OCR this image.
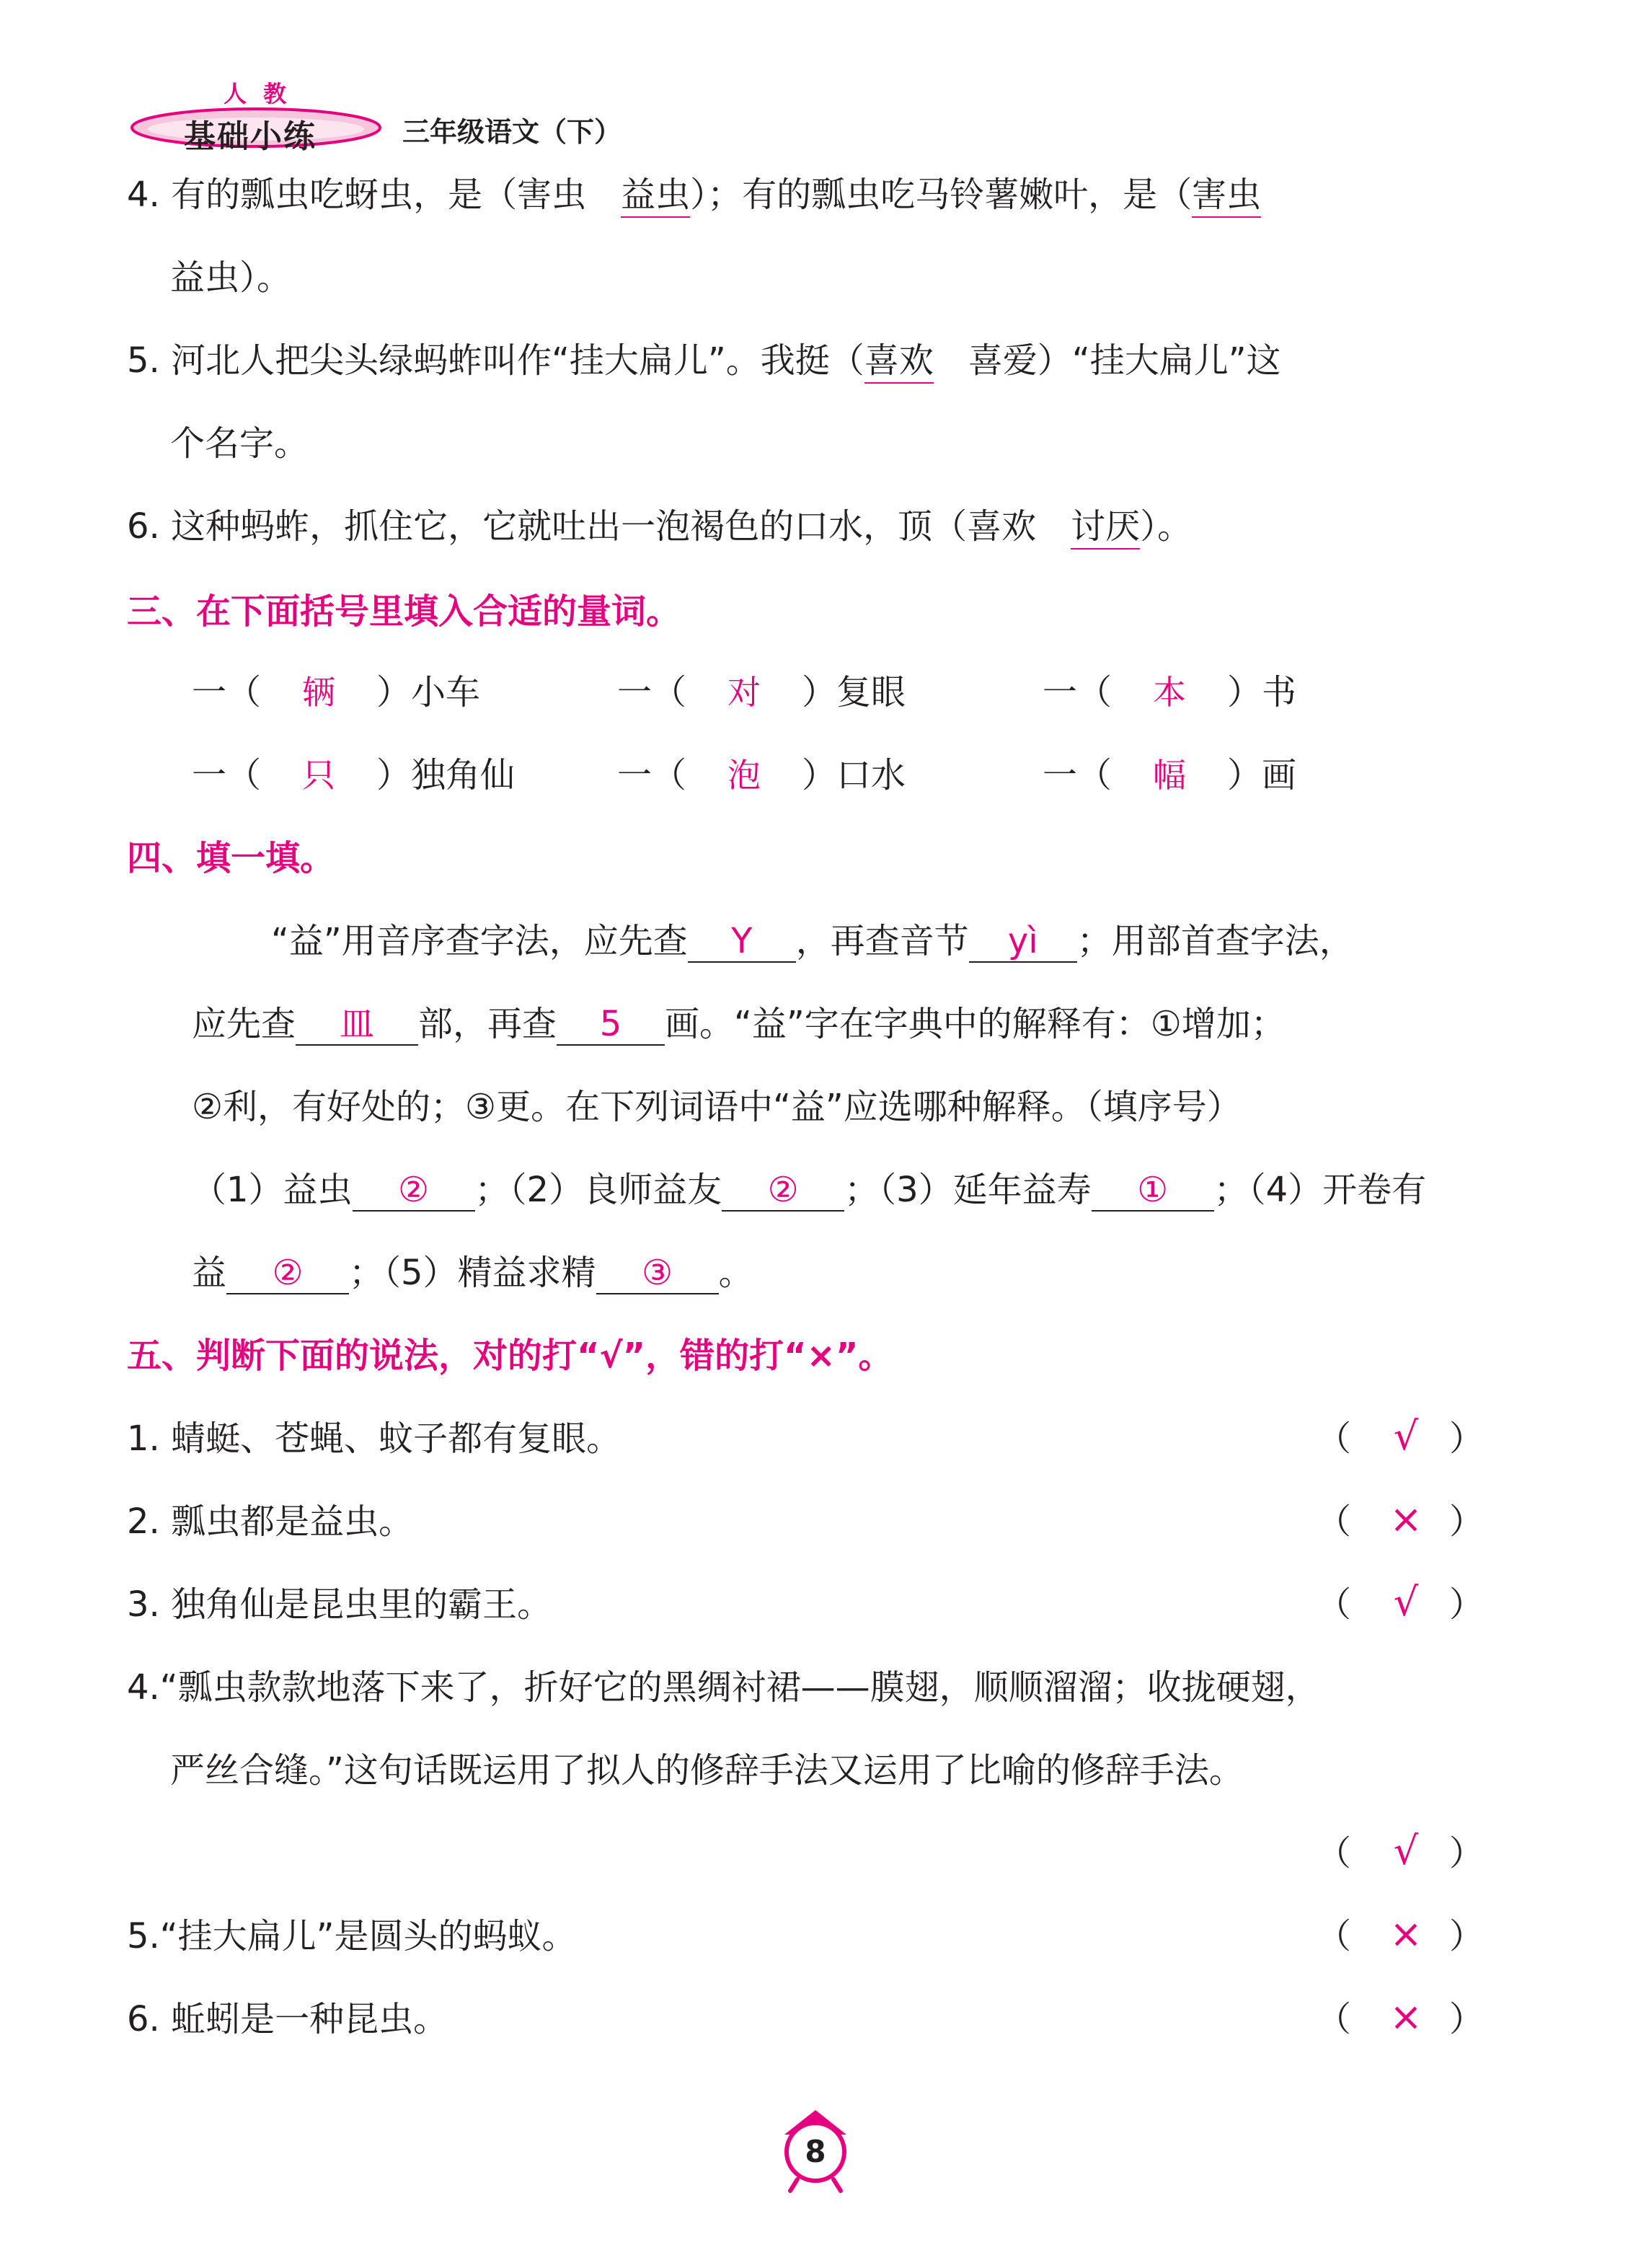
人 教
基础小练	三年级语文（下）
4. 有的瓢虫吃蚜虫，是（害虫　益虫）；有的瓢虫吃马铃薯嫩叶，是（害虫
益虫）。
5. 河北人把尖头绿蚂蚱叫作“挂大扁儿”。我挺（喜欢　喜爱）“挂大扁儿”这
个名字。
6. 这种蚂蚱，抓住它，它就吐出一泡褐色的口水，顶（喜欢　讨厌）。
三、在下面括号里填入合适的量词。
一（ 辆 ）小车	一（ 对 ）复眼	一（ 本 ）书
一（ 只 ）独角仙	一（ 泡 ）口水	一（ 幅 ）画
四、填一填。
“益”用音序查字法，应先查 Y ，再查音节 yì ；用部首查字法，
应先查 皿 部，再查 5 画。“益”字在字典中的解释有：①增加；
②利，有好处的；③更。在下列词语中“益”应选哪种解释。（填序号）
（1）益虫 ② ；（2）良师益友 ② ；（3）延年益寿 ① ；（4）开卷有
益 ② ；（5）精益求精 ③ 。
五、判断下面的说法，对的打“√”，错的打“×”。
1. 蜻蜓、苍蝇、蚊子都有复眼。	（	√ ）
2. 瓢虫都是益虫。	（ × ）
3. 独角仙是昆虫里的霸王。	（	√ ）
4.“瓢虫款款地落下来了，折好它的黑绸衬裙——膜翅，顺顺溜溜；收拢硬翅，
严丝合缝。”这句话既运用了拟人的修辞手法又运用了比喻的修辞手法。
（	√ ）
5.“挂大扁儿”是圆头的蚂蚁。	（ × ）
6. 蚯蚓是一种昆虫。	（ × ）
8
